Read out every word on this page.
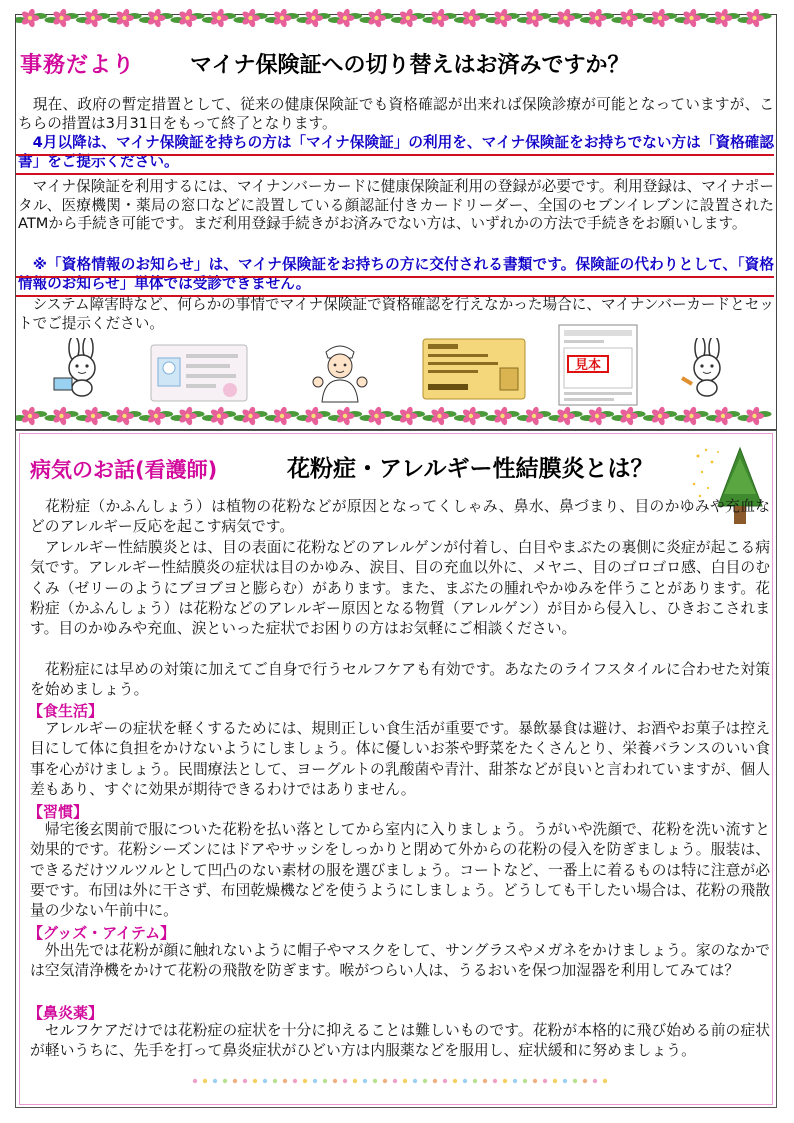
事務だより マイナ保険証への切り替えはお済みですか？

　現在、政府の暫定措置として、従来の健康保険証でも資格確認が出来れば保険診療が可能となっていますが、こちらの措置は3月31日をもって終了となります。

　4月以降は、マイナ保険証を持ちの方は「マイナ保険証」の利用を、マイナ保険証をお持ちでない方は「資格確認書」をご提示ください。

　マイナ保険証を利用するには、マイナンバーカードに健康保険証利用の登録が必要です。利用登録は、マイナポータル、医療機関・薬局の窓口などに設置している顔認証付きカードリーダー、全国のセブンイレブンに設置されたATMから手続き可能です。まだ利用登録手続きがお済みでない方は、いずれかの方法で手続きをお願いします。

　※「資格情報のお知らせ」は、マイナ保険証をお持ちの方に交付される書類です。保険証の代わりとして、「資格情報のお知らせ」単体では受診できません。

　システム障害時など、何らかの事情でマイナ保険証で資格確認を行えなかった場合に、マイナンバーカードとセットでご提示ください。

見本
病気のお話(看護師)	花粉症・アレルギー性結膜炎とは？

　花粉症（かふんしょう）は植物の花粉などが原因となってくしゃみ、鼻水、鼻づまり、目のかゆみや充血などのアレルギー反応を起こす病気です。

　アレルギー性結膜炎とは、目の表面に花粉などのアレルゲンが付着し、白目やまぶたの裏側に炎症が起こる病気です。アレルギー性結膜炎の症状は目のかゆみ、涙目、目の充血以外に、メヤニ、目のゴロゴロ感、白目のむくみ（ゼリーのようにブヨブヨと膨らむ）があります。また、まぶたの腫れやかゆみを伴うことがあります。花粉症（かふんしょう）は花粉などのアレルギー原因となる物質（アレルゲン）が目から侵入し、ひきおこされます。目のかゆみや充血、涙といった症状でお困りの方はお気軽にご相談ください。

　花粉症には早めの対策に加えてご自身で行うセルフケアも有効です。あなたのライフスタイルに合わせた対策を始めましょう。

【食生活】

　アレルギーの症状を軽くするためには、規則正しい食生活が重要です。暴飲暴食は避け、お酒やお菓子は控え目にして体に負担をかけないようにしましょう。体に優しいお茶や野菜をたくさんとり、栄養バランスのいい食事を心がけましょう。民間療法として、ヨーグルトの乳酸菌や青汁、甜茶などが良いと言われていますが、個人差もあり、すぐに効果が期待できるわけではありません。

【習慣】

　帰宅後玄関前で服についた花粉を払い落としてから室内に入りましょう。うがいや洗顔で、花粉を洗い流すと効果的です。花粉シーズンにはドアやサッシをしっかりと閉めて外からの花粉の侵入を防ぎましょう。服装は、できるだけツルツルとして凹凸のない素材の服を選びましょう。コートなど、一番上に着るものは特に注意が必要です。布団は外に干さず、布団乾燥機などを使うようにしましょう。どうしても干したい場合は、花粉の飛散量の少ない午前中に。

【グッズ・アイテム】

　外出先では花粉が顔に触れないように帽子やマスクをして、サングラスやメガネをかけましょう。家のなかでは空気清浄機をかけて花粉の飛散を防ぎます。喉がつらい人は、うるおいを保つ加湿器を利用してみては？

【鼻炎薬】

　セルフケアだけでは花粉症の症状を十分に抑えることは難しいものです。花粉が本格的に飛び始める前の症状が軽いうちに、先手を打って鼻炎症状がひどい方は内服薬などを服用し、症状緩和に努めましょう。
